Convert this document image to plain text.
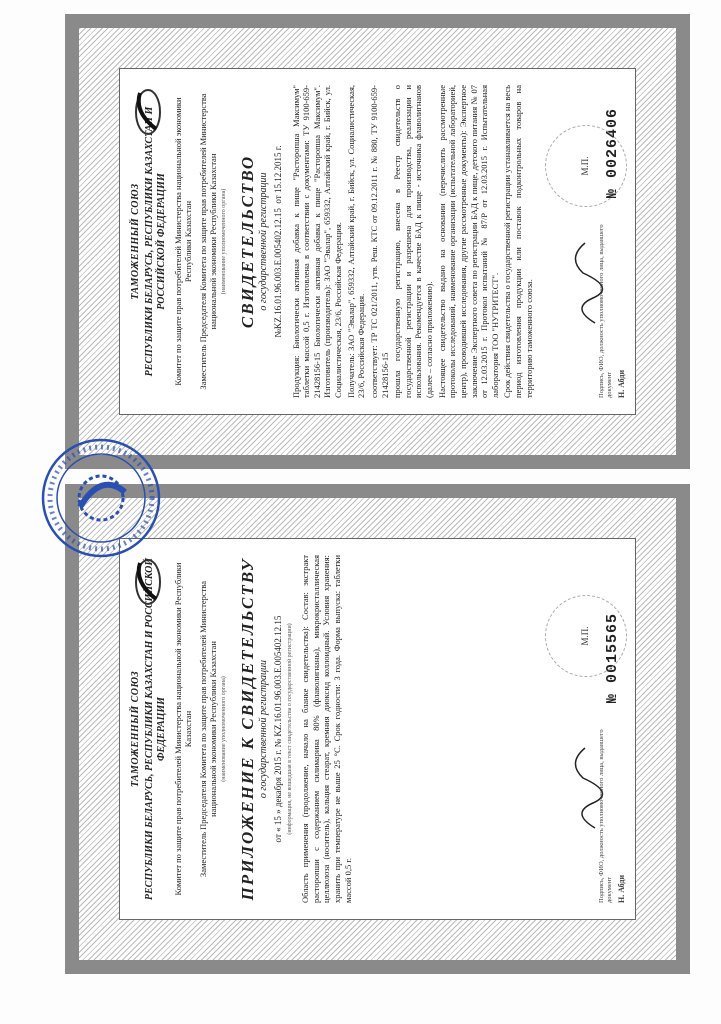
ТАМОЖЕННЫЙ СОЮЗ РЕСПУБЛИКИ БЕЛАРУСЬ, РЕСПУБЛИКИ КАЗАХСТАН И РОССИЙСКОЙ ФЕДЕРАЦИИ Комитет по защите прав потребителей Министерства национальной экономики Республики Казахстан Заместитель Председателя Комитета по защите прав потребителей Министерства национальной экономики Республики Казахстан (наименование уполномоченного органа) СВИДЕТЕЛЬСТВО о государственной регистрации №KZ.16.01.96.003.Е.005402.12.15  от 15.12.2015 г. Продукция: Биологически активная добавка к пище "Расторопша Максимум" таблетки массой 0,5 г. Изготовлена в соответствии с документами: ТУ 9100-659-21428156-15 Биологически активная добавка к пище "Расторопша Максимум". Изготовитель (производитель): ЗАО "Эвалар", 659332, Алтайский край, г. Бийск, ул. Социалистическая, 23/6, Российская Федерация. Получатель: ЗАО "Эвалар", 659332, Алтайский край, г. Бийск, ул. Социалистическая, 23/6, Российская Федерация. соответствует: ТР ТС 021/2011, утв. Реш. КТС от 09.12.2011 г. № 880, ТУ 9100-659-21428156-15 прошла государственную регистрацию, внесена в Реестр свидетельств о государственной регистрации и разрешена для производства, реализации и использования. Рекомендуется в качестве БАД к пище - источника флаволигнанов (далее – согласно приложению). Настоящее свидетельство выдано на основании (перечислить рассмотренные протоколы исследований, наименование организации (испытательной лабораторией, центр), проводившей исследования, другие рассмотренные документы): Экспертное заключение Экспертного совета по регистрации БАД к пище, детского питания № 07 от 12.03.2015 г. Протокол испытаний № 87/Р от 12.03.2015 г. Испытательная лаборатория ТОО "НУТРИТЕСТ". Срок действия свидетельства о государственной регистрации устанавливается на весь период изготовления продукции или поставок подконтрольных товаров на территорию таможенного союза.	Подпись, ФИО, должность уполномоченного лица, выдавшего документ Н. Абди
№ 0026406
М.П.
ТАМОЖЕННЫЙ СОЮЗ РЕСПУБЛИКИ БЕЛАРУСЬ, РЕСПУБЛИКИ КАЗАХСТАН И РОССИЙСКОЙ ФЕДЕРАЦИИ Комитет по защите прав потребителей Министерства национальной экономики Республики Казахстан Заместитель Председателя Комитета по защите прав потребителей Министерства национальной экономики Республики Казахстан (наименование уполномоченного органа) ПРИЛОЖЕНИЕ К СВИДЕТЕЛЬСТВУ о государственной регистрации от « 15 » декабря 2015 г. № KZ.16.01.96.003.Е.005402.12.15 (информация, не вошедшая в текст свидетельства о государственной регистрации) Область применения (продолжение, начало на бланке свидетельства): Состав: экстракт расторопши с содержанием силимарина 80% (флаволигнаны), микрокристаллическая целлюлоза (носитель), кальция стеарат, кремния диоксид коллоидный. Условия хранения: хранить при температуре не выше 25 °С. Срок годности: 3 года. Форма выпуска: таблетки массой 0,5 г.	Подпись, ФИО, должность уполномоченного лица, выдавшего документ Н. Абди
№ 0015565
М.П.
